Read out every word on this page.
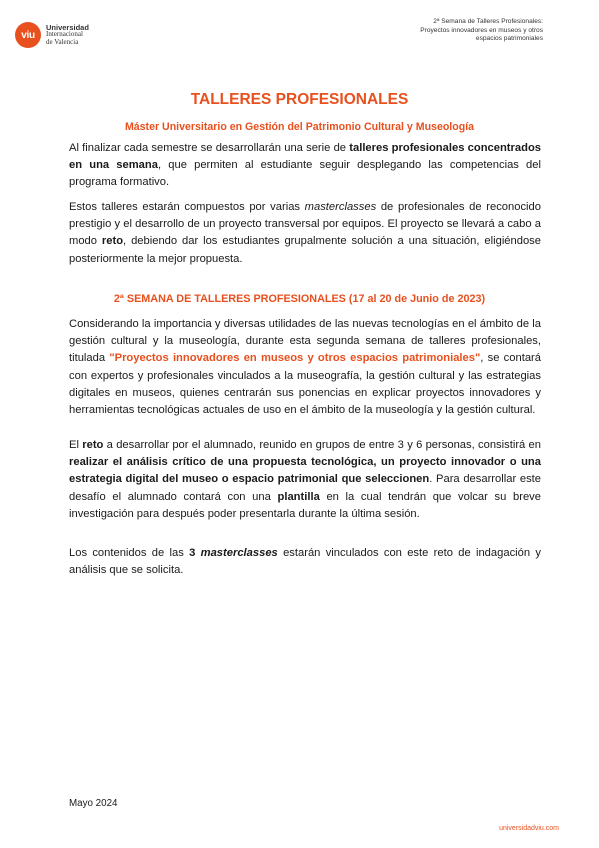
viu
Universidad
Internacional
de Valencia
2ª Semana de Talleres Profesionales:
Proyectos innovadores en museos y otros
espacios patrimoniales
TALLERES PROFESIONALES
Máster Universitario en Gestión del Patrimonio Cultural y Museología

Al finalizar cada semestre se desarrollarán una serie de talleres profesionales concentrados en una semana, que permiten al estudiante seguir desplegando las competencias del programa formativo.

Estos talleres estarán compuestos por varias masterclasses de profesionales de reconocido prestigio y el desarrollo de un proyecto transversal por equipos. El proyecto se llevará a cabo a modo reto, debiendo dar los estudiantes grupalmente solución a una situación, eligiéndose posteriormente la mejor propuesta.

2ª SEMANA DE TALLERES PROFESIONALES (17 al 20 de Junio de 2023)

Considerando la importancia y diversas utilidades de las nuevas tecnologías en el ámbito de la gestión cultural y la museología, durante esta segunda semana de talleres profesionales, titulada "Proyectos innovadores en museos y otros espacios patrimoniales", se contará con expertos y profesionales vinculados a la museografía, la gestión cultural y las estrategias digitales en museos, quienes centrarán sus ponencias en explicar proyectos innovadores y herramientas tecnológicas actuales de uso en el ámbito de la museología y la gestión cultural.

El reto a desarrollar por el alumnado, reunido en grupos de entre 3 y 6 personas, consistirá en realizar el análisis crítico de una propuesta tecnológica, un proyecto innovador o una estrategia digital del museo o espacio patrimonial que seleccionen. Para desarrollar este desafío el alumnado contará con una plantilla en la cual tendrán que volcar su breve investigación para después poder presentarla durante la última sesión.

Los contenidos de las 3 masterclasses estarán vinculados con este reto de indagación y análisis que se solicita.

Mayo 2024
universidadviu.com
